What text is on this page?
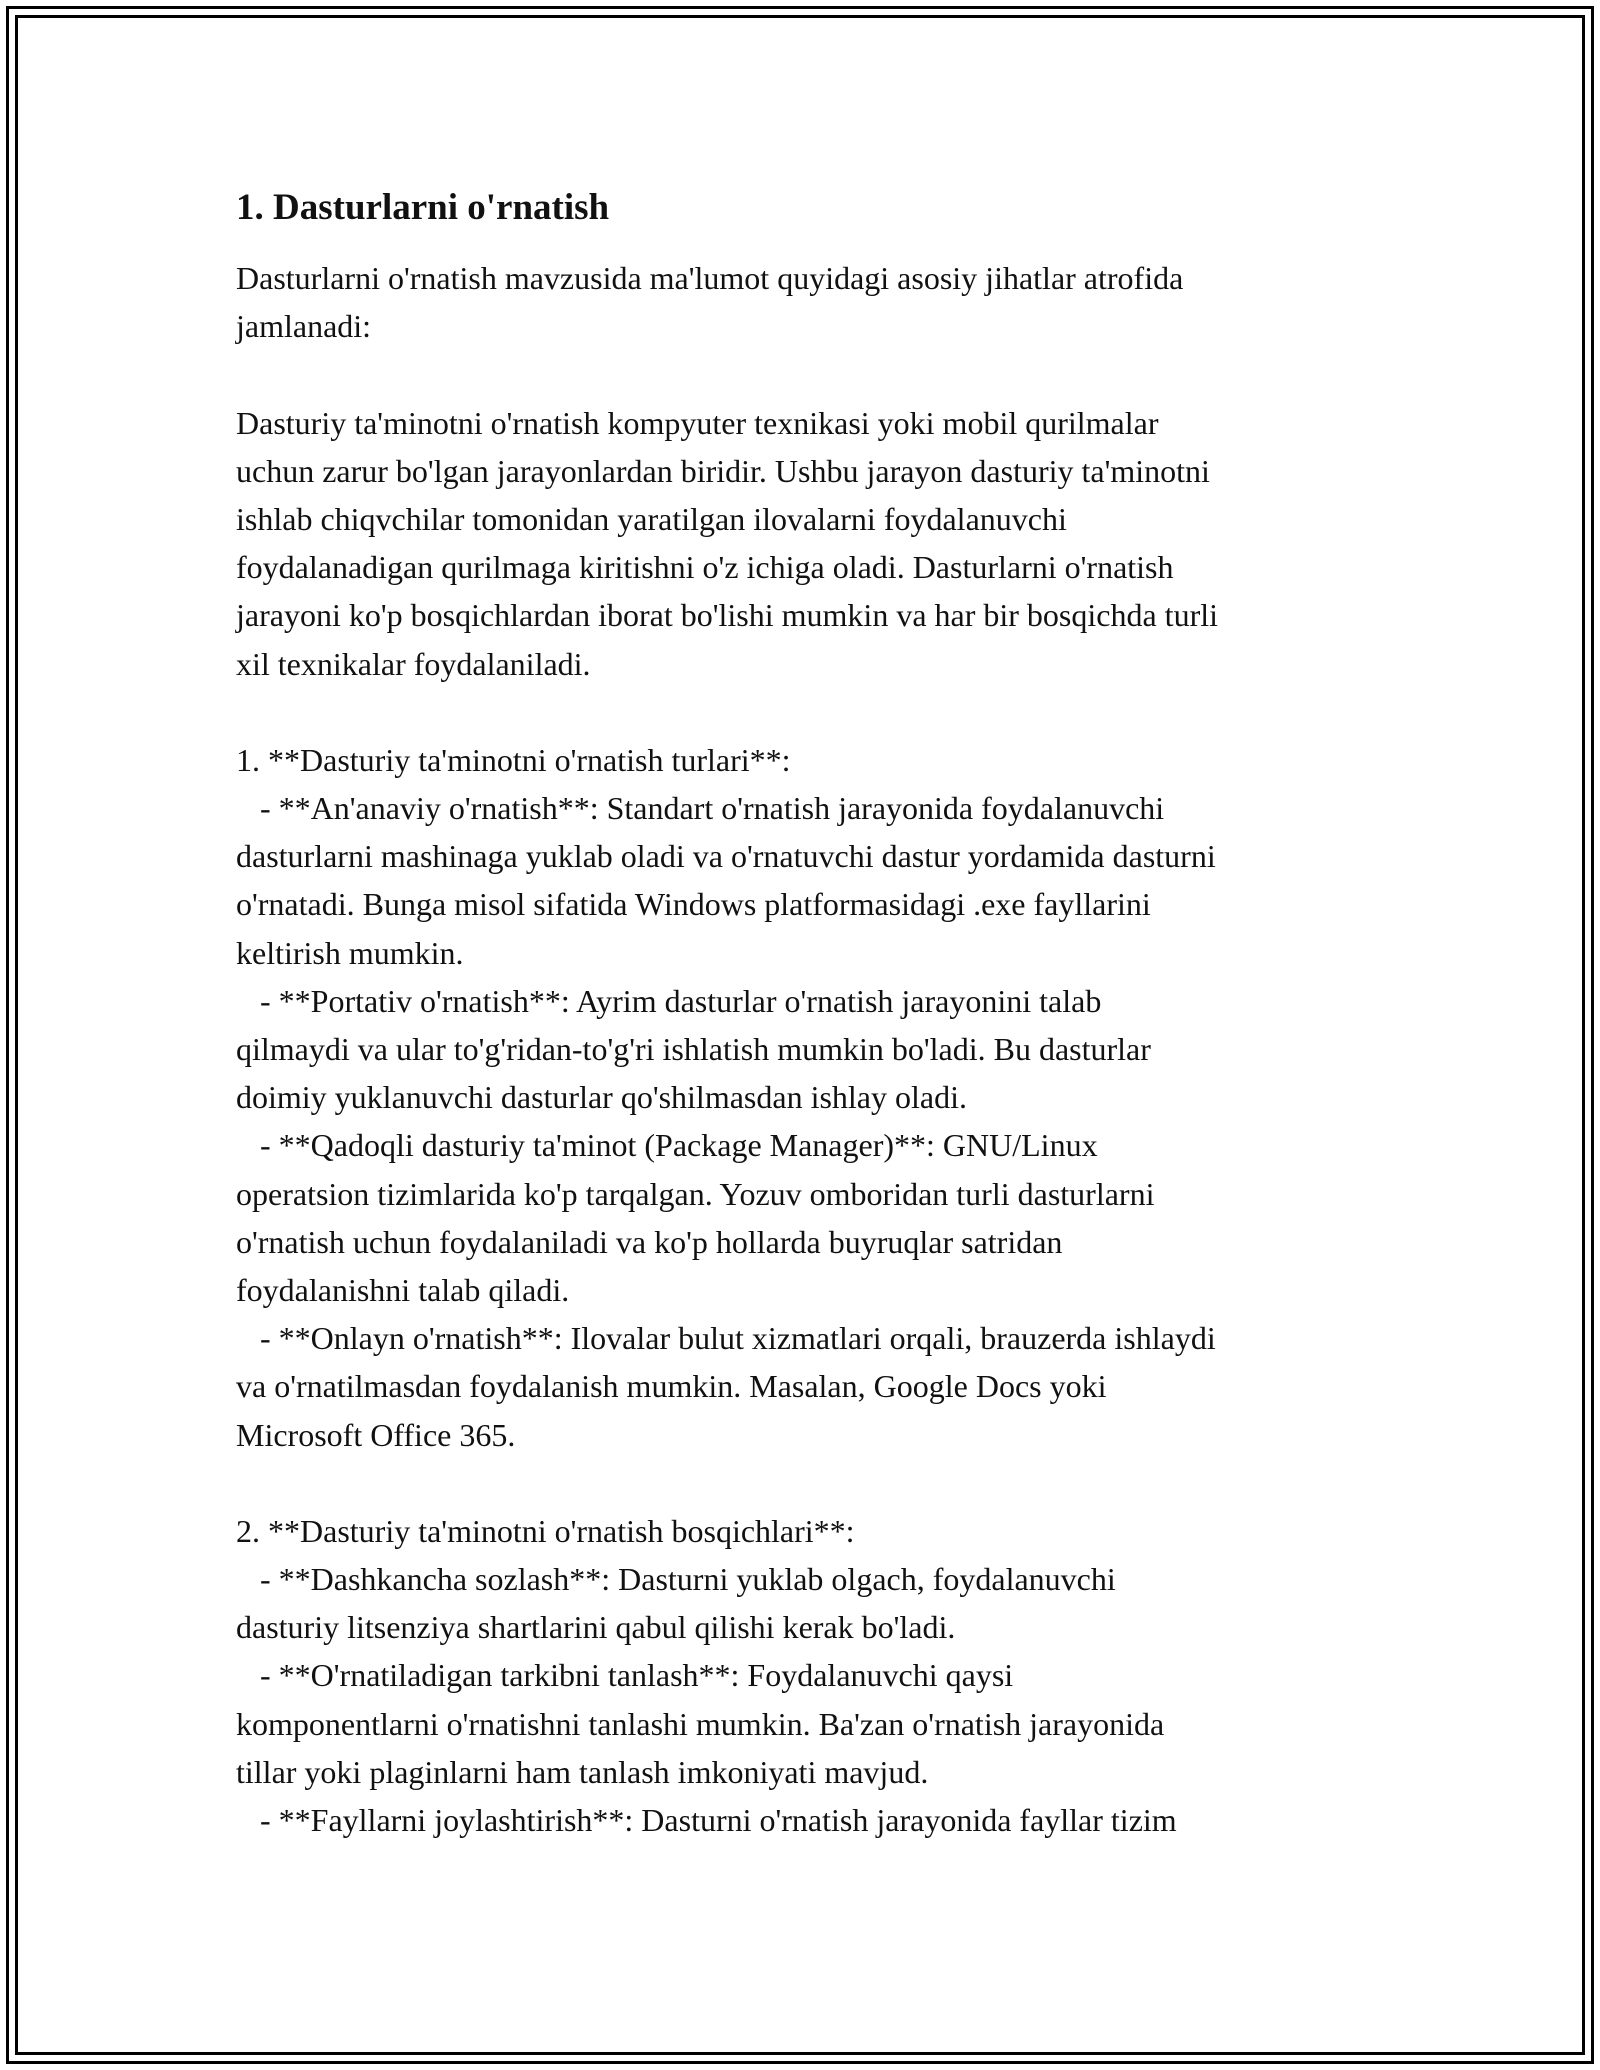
1. Dasturlarni o'rnatish
Dasturlarni o'rnatish mavzusida ma'lumot quyidagi asosiy jihatlar atrofida
jamlanadi:
Dasturiy ta'minotni o'rnatish kompyuter texnikasi yoki mobil qurilmalar
uchun zarur bo'lgan jarayonlardan biridir. Ushbu jarayon dasturiy ta'minotni
ishlab chiqvchilar tomonidan yaratilgan ilovalarni foydalanuvchi
foydalanadigan qurilmaga kiritishni o'z ichiga oladi. Dasturlarni o'rnatish
jarayoni ko'p bosqichlardan iborat bo'lishi mumkin va har bir bosqichda turli
xil texnikalar foydalaniladi.
1. **Dasturiy ta'minotni o'rnatish turlari**:
- **An'anaviy o'rnatish**: Standart o'rnatish jarayonida foydalanuvchi
dasturlarni mashinaga yuklab oladi va o'rnatuvchi dastur yordamida dasturni
o'rnatadi. Bunga misol sifatida Windows platformasidagi .exe fayllarini
keltirish mumkin.
- **Portativ o'rnatish**: Ayrim dasturlar o'rnatish jarayonini talab
qilmaydi va ular to'g'ridan-to'g'ri ishlatish mumkin bo'ladi. Bu dasturlar
doimiy yuklanuvchi dasturlar qo'shilmasdan ishlay oladi.
- **Qadoqli dasturiy ta'minot (Package Manager)**: GNU/Linux
operatsion tizimlarida ko'p tarqalgan. Yozuv omboridan turli dasturlarni
o'rnatish uchun foydalaniladi va ko'p hollarda buyruqlar satridan
foydalanishni talab qiladi.
- **Onlayn o'rnatish**: Ilovalar bulut xizmatlari orqali, brauzerda ishlaydi
va o'rnatilmasdan foydalanish mumkin. Masalan, Google Docs yoki
Microsoft Office 365.
2. **Dasturiy ta'minotni o'rnatish bosqichlari**:
- **Dashkancha sozlash**: Dasturni yuklab olgach, foydalanuvchi
dasturiy litsenziya shartlarini qabul qilishi kerak bo'ladi.
- **O'rnatiladigan tarkibni tanlash**: Foydalanuvchi qaysi
komponentlarni o'rnatishni tanlashi mumkin. Ba'zan o'rnatish jarayonida
tillar yoki plaginlarni ham tanlash imkoniyati mavjud.
- **Fayllarni joylashtirish**: Dasturni o'rnatish jarayonida fayllar tizim
